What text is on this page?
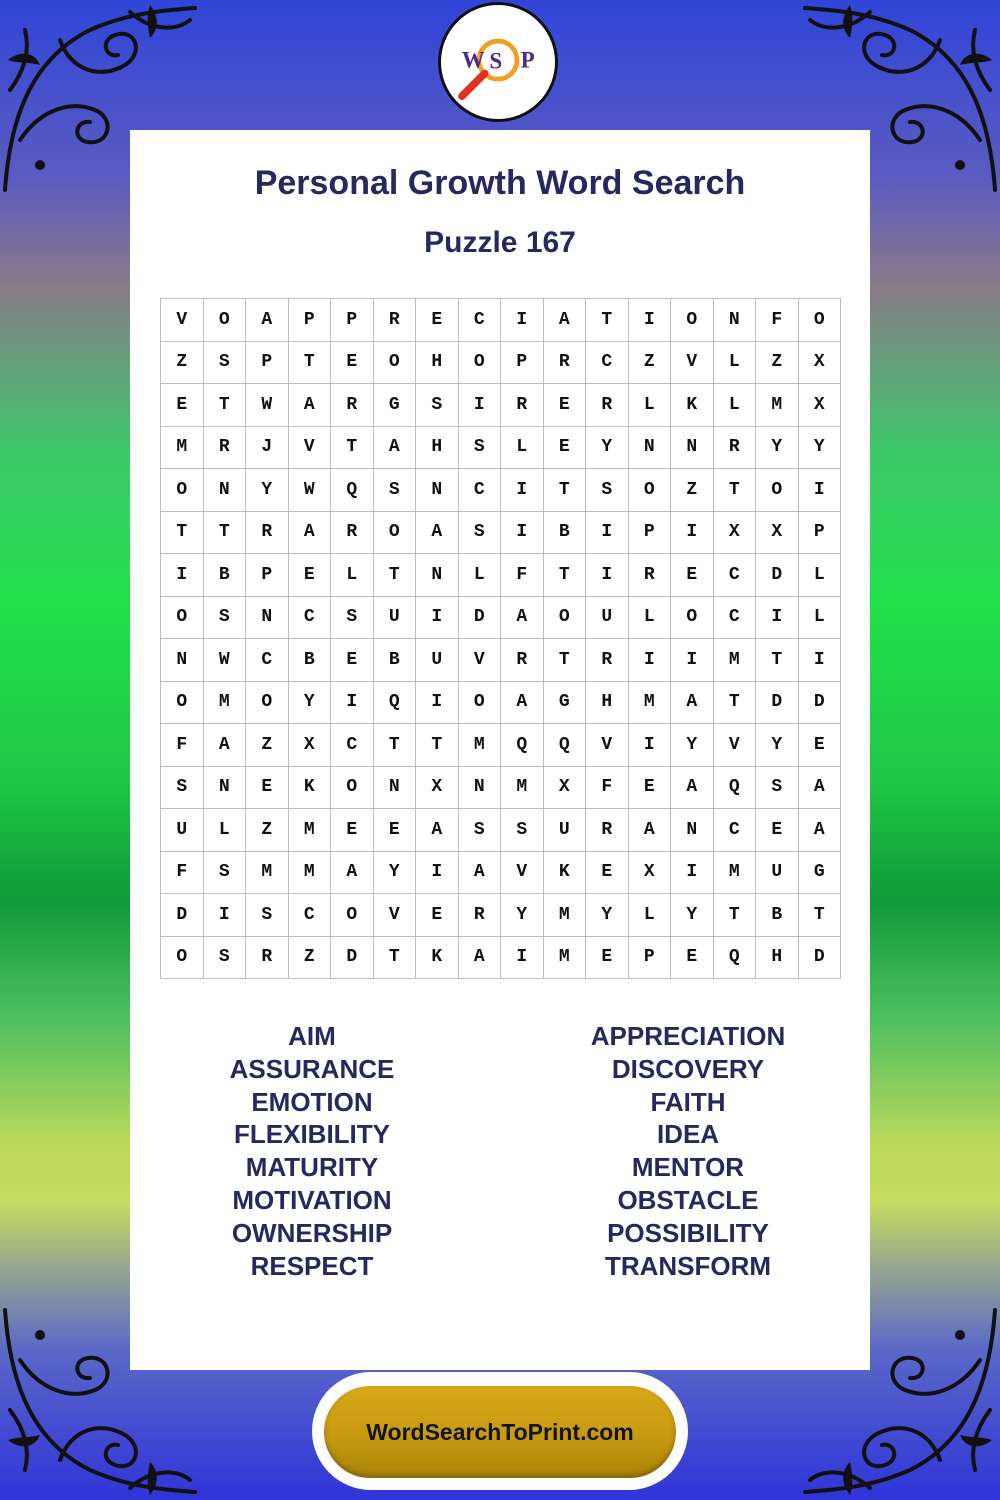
W S P
Personal Growth Word Search
Puzzle 167
V	O	A	P	P	R	E	C	I	A	T	I	O	N	F	O
Z	S	P	T	E	O	H	O	P	R	C	Z	V	L	Z	X
E	T	W	A	R	G	S	I	R	E	R	L	K	L	M	X
M	R	J	V	T	A	H	S	L	E	Y	N	N	R	Y	Y
O	N	Y	W	Q	S	N	C	I	T	S	O	Z	T	O	I
T	T	R	A	R	O	A	S	I	B	I	P	I	X	X	P
I	B	P	E	L	T	N	L	F	T	I	R	E	C	D	L
O	S	N	C	S	U	I	D	A	O	U	L	O	C	I	L
N	W	C	B	E	B	U	V	R	T	R	I	I	M	T	I
O	M	O	Y	I	Q	I	O	A	G	H	M	A	T	D	D
F	A	Z	X	C	T	T	M	Q	Q	V	I	Y	V	Y	E
S	N	E	K	O	N	X	N	M	X	F	E	A	Q	S	A
U	L	Z	M	E	E	A	S	S	U	R	A	N	C	E	A
F	S	M	M	A	Y	I	A	V	K	E	X	I	M	U	G
D	I	S	C	O	V	E	R	Y	M	Y	L	Y	T	B	T
O	S	R	Z	D	T	K	A	I	M	E	P	E	Q	H	D
AIM
ASSURANCE
EMOTION
FLEXIBILITY
MATURITY
MOTIVATION
OWNERSHIP
RESPECT
APPRECIATION
DISCOVERY
FAITH
IDEA
MENTOR
OBSTACLE
POSSIBILITY
TRANSFORM
WordSearchToPrint.com
